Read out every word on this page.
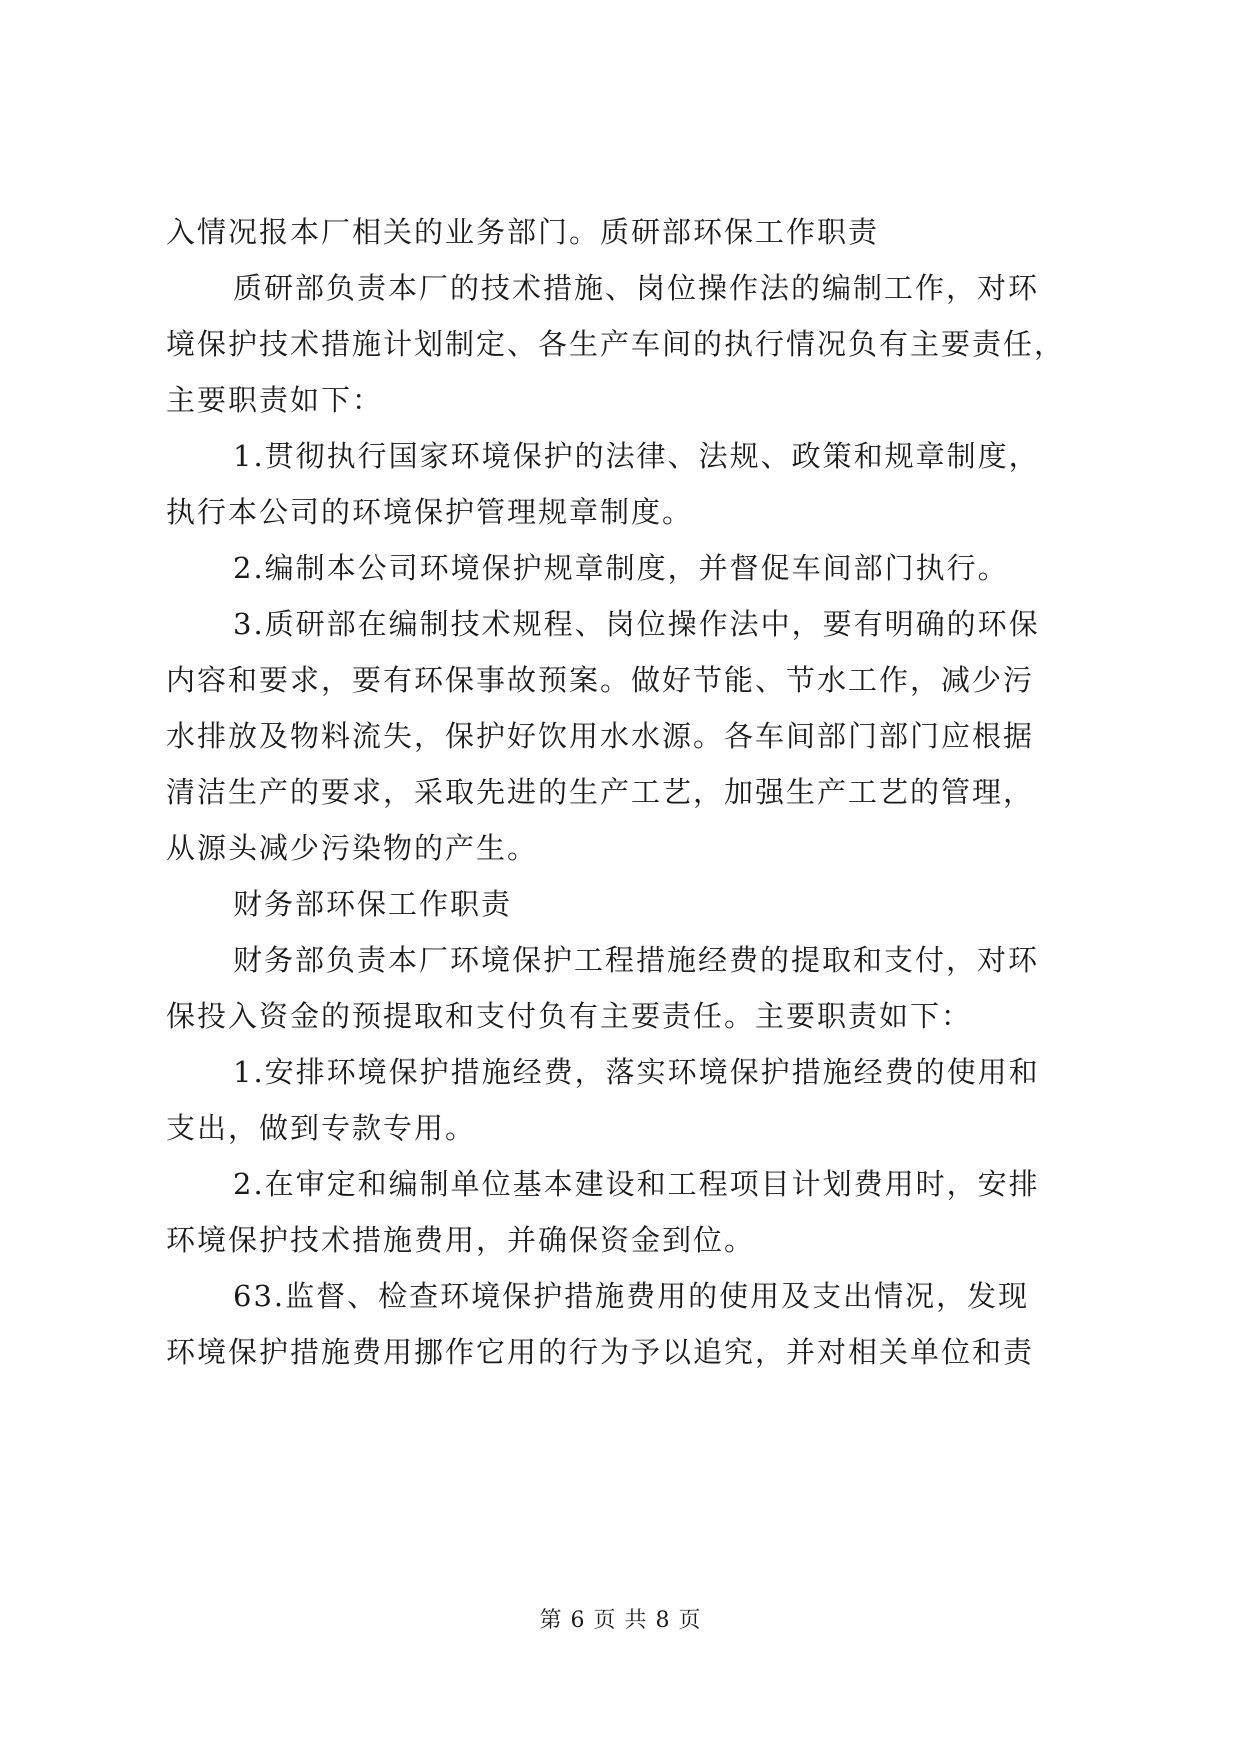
入情况报本厂相关的业务部门。质研部环保工作职责
质研部负责本厂的技术措施、岗位操作法的编制工作，对环
境保护技术措施计划制定、各生产车间的执行情况负有主要责任，
主要职责如下：
1.贯彻执行国家环境保护的法律、法规、政策和规章制度，
执行本公司的环境保护管理规章制度。
2.编制本公司环境保护规章制度，并督促车间部门执行。
3.质研部在编制技术规程、岗位操作法中，要有明确的环保
内容和要求，要有环保事故预案。做好节能、节水工作，减少污
水排放及物料流失，保护好饮用水水源。各车间部门部门应根据
清洁生产的要求，采取先进的生产工艺，加强生产工艺的管理，
从源头减少污染物的产生。
财务部环保工作职责
财务部负责本厂环境保护工程措施经费的提取和支付，对环
保投入资金的预提取和支付负有主要责任。主要职责如下：
1.安排环境保护措施经费，落实环境保护措施经费的使用和
支出，做到专款专用。
2.在审定和编制单位基本建设和工程项目计划费用时，安排
环境保护技术措施费用，并确保资金到位。
63.监督、检查环境保护措施费用的使用及支出情况，发现
环境保护措施费用挪作它用的行为予以追究，并对相关单位和责
第 6 页 共 8 页
